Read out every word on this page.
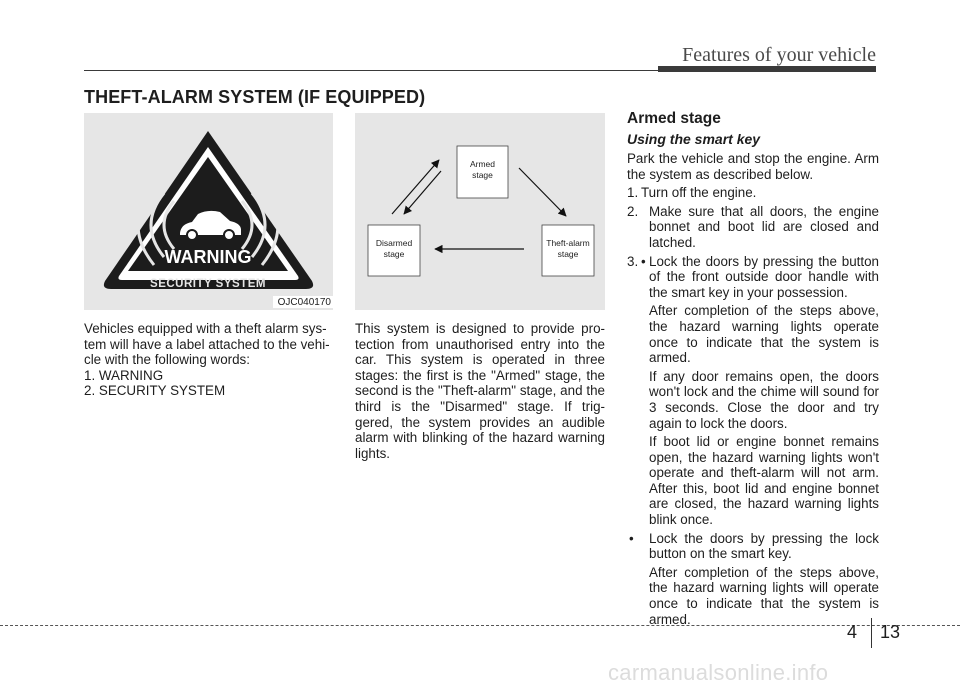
Features of your vehicle
THEFT-ALARM SYSTEM (IF EQUIPPED)
WARNING
SECURITY SYSTEM
OJC040170
Armed
stage
Disarmed
stage
Theft-alarm
stage

Vehicles equipped with a theft alarm sys- tem will have a label attached to the vehi- cle with the following words:

1. WARNING

2. SECURITY SYSTEM

This system is designed to provide pro- tection from unauthorised entry into the car. This system is operated in three stages: the first is the "Armed" stage, the second is the "Theft-alarm" stage, and the third is the "Disarmed" stage. If trig- gered, the system provides an audible alarm with blinking of the hazard warning lights.

Armed stage
Using the smart key
Park the vehicle and stop the engine. Arm the system as described below.
1. Turn off the engine.
2. Make sure that all doors, the engine bonnet and boot lid are closed and latched.
3. • Lock the doors by pressing the button of the front outside door handle with the smart key in your possession.
After completion of the steps above, the hazard warning lights operate once to indicate that the system is armed.
If any door remains open, the doors won't lock and the chime will sound for 3 seconds. Close the door and try again to lock the doors.
If boot lid or engine bonnet remains open, the hazard warning lights won't operate and theft-alarm will not arm. After this, boot lid and engine bonnet are closed, the hazard warning lights blink once.
•	Lock the doors by pressing the lock button on the smart key.
After completion of the steps above, the hazard warning lights will operate once to indicate that the system is armed.
4 13
carmanualsonline.info
